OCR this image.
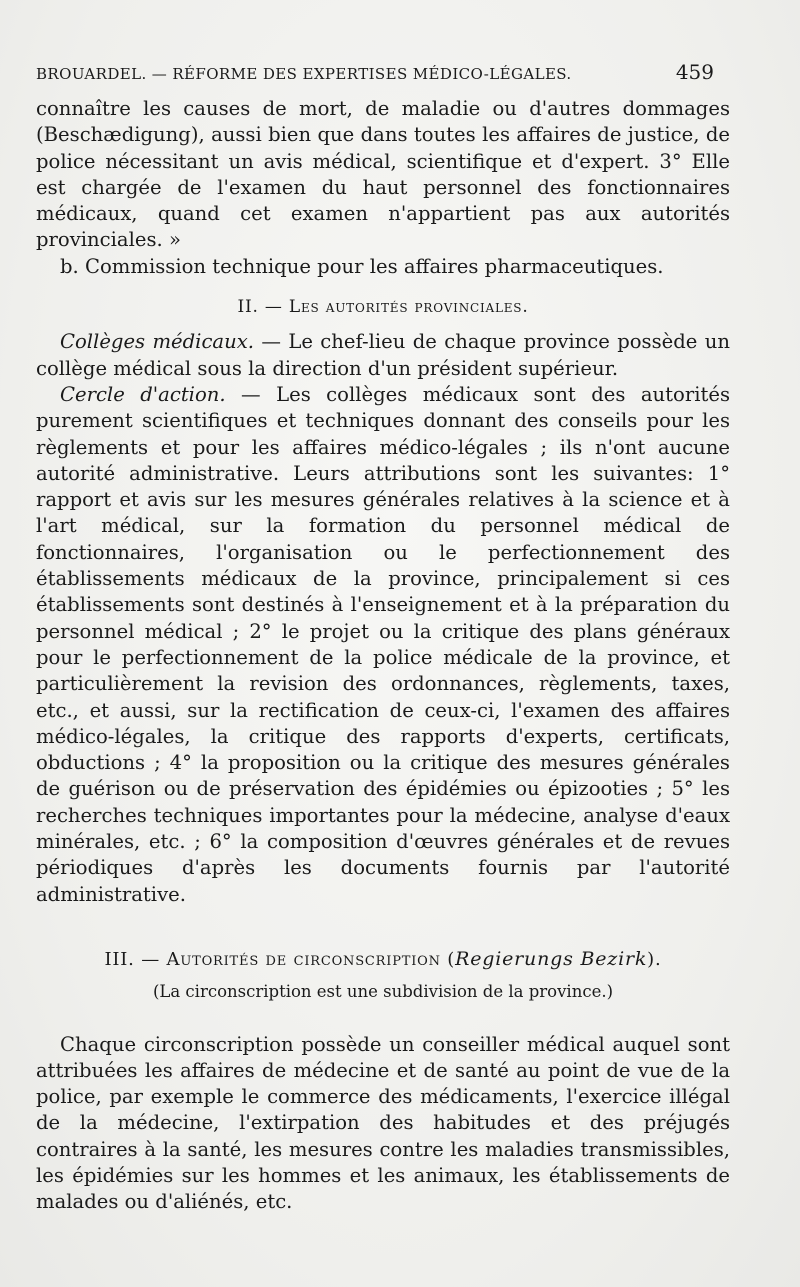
BROUARDEL. — RÉFORME DES EXPERTISES MÉDICO-LÉGALES.	459

connaître les causes de mort, de maladie ou d'autres dommages (Beschædigung), aussi bien que dans toutes les affaires de justice, de police nécessitant un avis médical, scientifique et d'expert. 3° Elle est chargée de l'examen du haut personnel des fonctionnaires médicaux, quand cet examen n'appartient pas aux autorités provinciales. »

b. Commission technique pour les affaires pharmaceutiques.

II. — Les autorités provinciales.

Collèges médicaux. — Le chef-lieu de chaque province possède un collège médical sous la direction d'un président supérieur.

Cercle d'action. — Les collèges médicaux sont des autorités purement scientifiques et techniques donnant des conseils pour les règlements et pour les affaires médico-légales ; ils n'ont aucune autorité administrative. Leurs attributions sont les suivantes: 1° rapport et avis sur les mesures générales relatives à la science et à l'art médical, sur la formation du personnel médical de fonctionnaires, l'organisation ou le perfectionnement des établissements médicaux de la province, principalement si ces établissements sont destinés à l'enseignement et à la préparation du personnel médical ; 2° le projet ou la critique des plans généraux pour le perfectionnement de la police médicale de la province, et particulièrement la revision des ordonnances, règlements, taxes, etc., et aussi, sur la rectification de ceux-ci, l'examen des affaires médico-légales, la critique des rapports d'experts, certificats, obductions ; 4° la proposition ou la critique des mesures générales de guérison ou de préservation des épidémies ou épizooties ; 5° les recherches techniques importantes pour la médecine, analyse d'eaux minérales, etc. ; 6° la composition d'œuvres générales et de revues périodiques d'après les documents fournis par l'autorité administrative.

III. — Autorités de circonscription (Regierungs Bezirk).

(La circonscription est une subdivision de la province.)

Chaque circonscription possède un conseiller médical auquel sont attribuées les affaires de médecine et de santé au point de vue de la police, par exemple le commerce des médicaments, l'exercice illégal de la médecine, l'extirpation des habitudes et des préjugés contraires à la santé, les mesures contre les maladies transmissibles, les épidémies sur les hommes et les animaux, les établissements de malades ou d'aliénés, etc.
